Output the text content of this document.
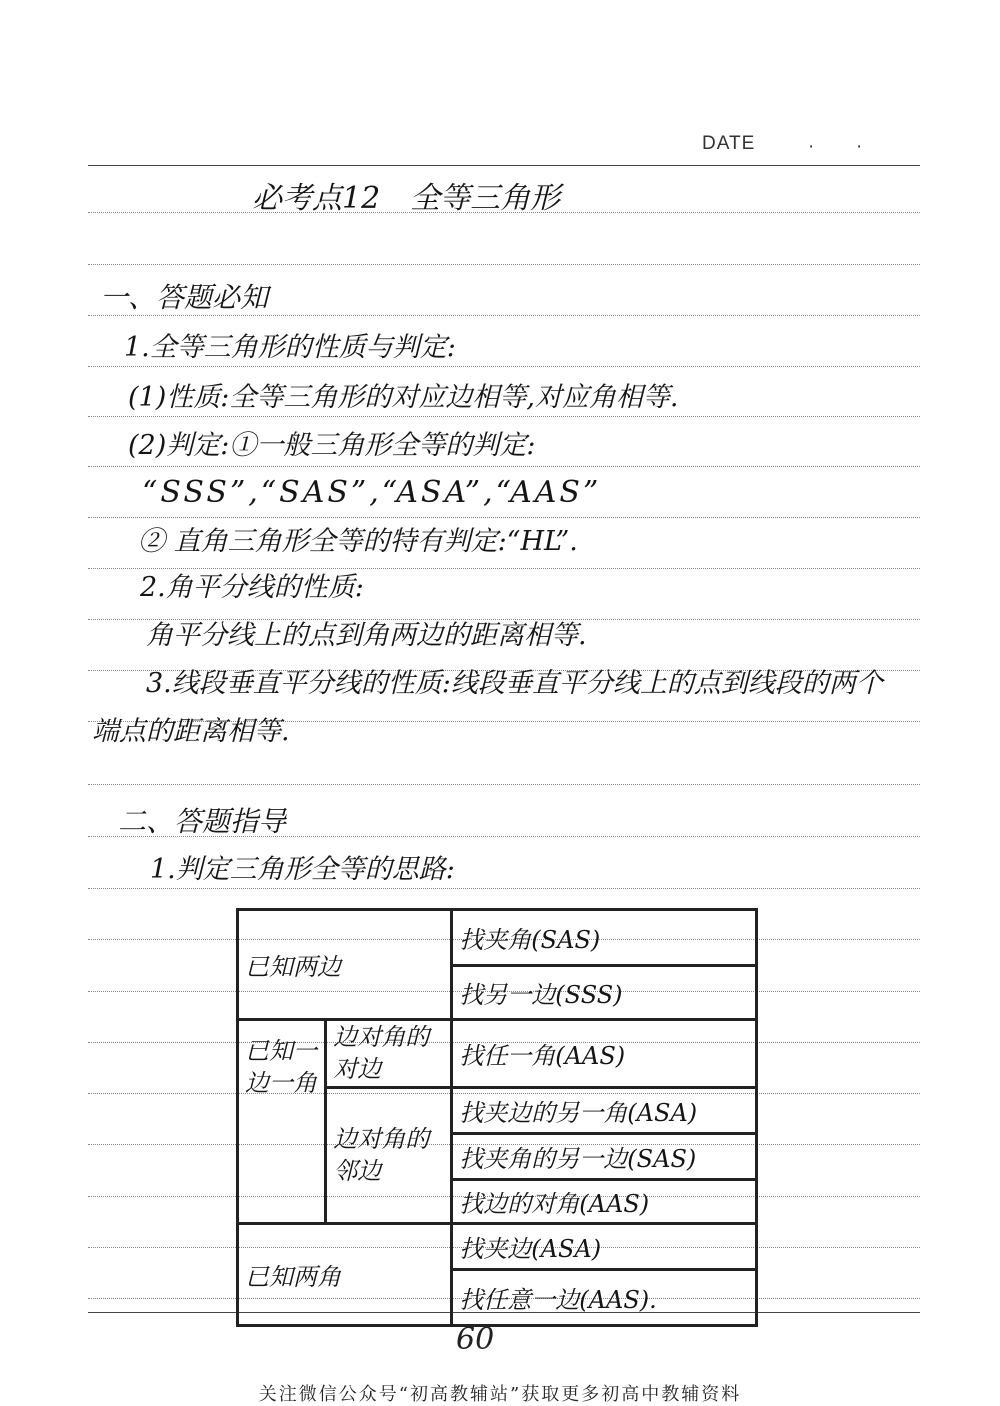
DATE	· ·
必考点12　全等三角形
一、答题必知
1.全等三角形的性质与判定:
(1)性质:全等三角形的对应边相等,对应角相等.
(2)判定:①一般三角形全等的判定:
“SSS”,“SAS”,“ASA”,“AAS”
② 直角三角形全等的特有判定:“HL”.
2.角平分线的性质:
角平分线上的点到角两边的距离相等.
3.线段垂直平分线的性质:线段垂直平分线上的点到线段的两个
端点的距离相等.
二、答题指导
1.判定三角形全等的思路:
已知两边		找夹角(SAS)
		找另一边(SSS)
已知一边一角	边对角的对边	找任一角(AAS)
	边对角的邻边	找夹边的另一角(ASA)
		找夹角的另一边(SAS)
		找边的对角(AAS)
已知两角		找夹边(ASA)
		找任意一边(AAS).
60
关注微信公众号“初高教辅站”获取更多初高中教辅资料
